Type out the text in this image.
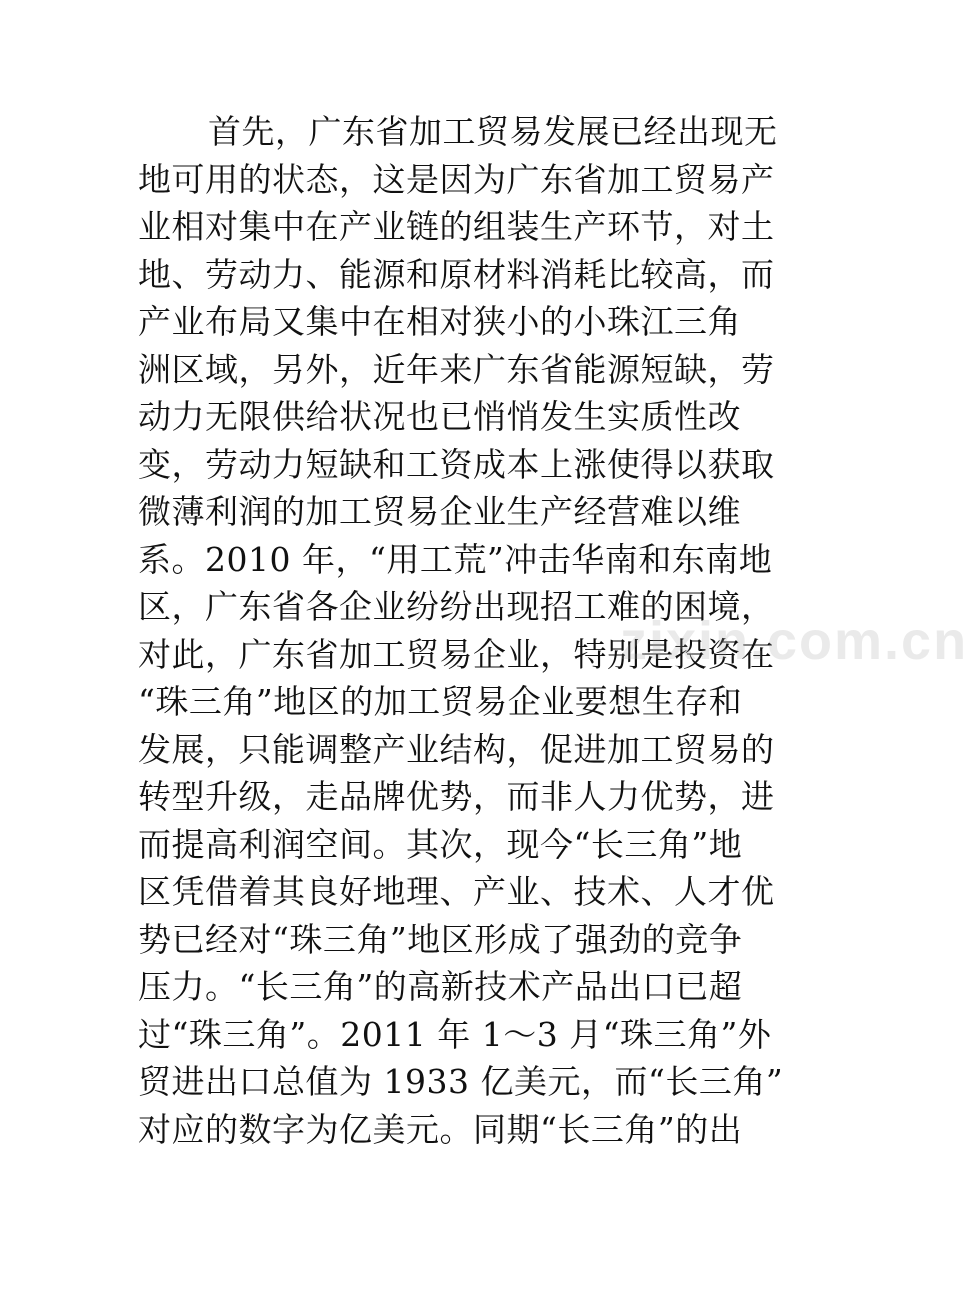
首先，广东省加工贸易发展已经出现无
地可用的状态，这是因为广东省加工贸易产
业相对集中在产业链的组装生产环节，对土
地、劳动力、能源和原材料消耗比较高，而
产业布局又集中在相对狭小的小珠江三角
洲区域，另外，近年来广东省能源短缺，劳
动力无限供给状况也已悄悄发生实质性改
变，劳动力短缺和工资成本上涨使得以获取
微薄利润的加工贸易企业生产经营难以维
系。2010 年，“用工荒”冲击华南和东南地
区，广东省各企业纷纷出现招工难的困境，
对此，广东省加工贸易企业，特别是投资在
“珠三角”地区的加工贸易企业要想生存和
发展，只能调整产业结构，促进加工贸易的
转型升级，走品牌优势，而非人力优势，进
而提高利润空间。其次，现今“长三角”地
区凭借着其良好地理、产业、技术、人才优
势已经对“珠三角”地区形成了强劲的竞争
压力。“长三角”的高新技术产品出口已超
过“珠三角”。2011 年 1～3 月“珠三角”外
贸进出口总值为 1933 亿美元，而“长三角”
对应的数字为亿美元。同期“长三角”的出
zixin.com.cn
